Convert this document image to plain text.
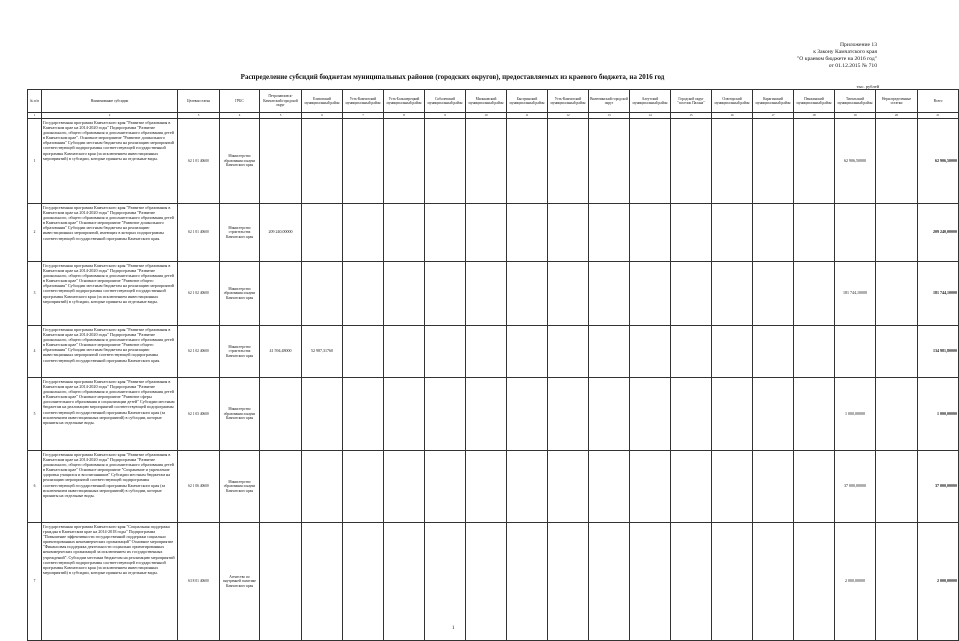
Приложение 13
к Закону Камчатского края
"О краевом бюджете на 2016 год"
от 01.12.2015 № 710
Распределение субсидий бюджетам муниципальных районов (городских округов), предоставляемых из краевого бюджета, на 2016 год
тыс. рублей
№ п/п	Наименование субсидии	Целевая статья	ГРБС	Петропавловск-Камчатский городской округ	Елизовский муниципальный район	Усть-Камчатский муниципальный район	Усть-Большерецкий муниципальный район	Соболевский муниципальный район	Мильковский муниципальный район	Быстринский муниципальный район	Усть-Камчатский муниципальный район	Вилючинский городской округ	Алеутский муниципальный район	Городской округ "поселок Палана"	Олюторский муниципальный район	Карагинский муниципальный район	Пенжинский муниципальный район	Тигильский муниципальный район	Нераспределенные остатки	Всего
1	2	3	4	5	6	7	8	9	10	11	12	13	14	15	16	17	18	19	20	21
1	Государственная программа Камчатского края "Развитие образования в Камчатском крае на 2014-2020 годы" Подпрограмма "Развитие дошкольного, общего образования и дополнительного образования детей в Камчатском крае". Основное мероприятие "Развитие дошкольного образования" Субсидии местным бюджетам на реализацию мероприятий соответствующей подпрограммы соответствующей государственной программы Камчатского края (за исключением инвестиционных мероприятий) в субсидии, которые приняты на отдельные виды.	62 1 01 40600	Министерство образования и науки Камчатского края															62 906,50000		62 906,50000
2	Государственная программа Камчатского края "Развитие образования в Камчатском крае на 2014-2020 годы" Подпрограмма "Развитие дошкольного, общего образования и дополнительного образования детей в Камчатском крае" Основное мероприятие "Развитие дошкольного образования" Субсидии местным бюджетам на реализацию инвестиционных мероприятий, имеющих в которых подпрограммы соответствующей государственной программы Камчатского края.	62 1 01 40600	Министерство строительства Камчатского края	209 240,00000																209 240,00000
3	Государственная программа Камчатского края "Развитие образования в Камчатском крае на 2014-2020 годы" Подпрограмма "Развитие дошкольного, общего образования и дополнительного образования детей в Камчатском крае" Основное мероприятие "Развитие общего образования" Субсидии местным бюджетам на реализацию мероприятий соответствующей подпрограммы соответствующей государственной программы Камчатского края (за исключением инвестиционных мероприятий) в субсидии, которые приняты на отдельные виды.	62 1 02 40600	Министерство образования и науки Камчатского края															181 744,10000		181 744,10000
4	Государственная программа Камчатского края "Развитие образования в Камчатском крае на 2014-2020 годы" Подпрограмма "Развитие дошкольного, общего образования и дополнительного образования детей в Камчатском крае" Основное мероприятие "Развитие общего образования" Субсидии местным бюджетам на реализацию инвестиционных мероприятий соответствующей подпрограммы соответствующей государственной программы Камчатского края.	62 1 02 40600	Министерство строительства Камчатского края	41 594,48000	52 987,31760															134 981,80000
5	Государственная программа Камчатского края "Развитие образования в Камчатском крае на 2014-2020 годы" Подпрограмма "Развитие дошкольного, общего образования и дополнительного образования детей в Камчатском крае" Основное мероприятие "Развитие сферы дополнительного образования и социализации детей" Субсидии местным бюджетам на реализацию мероприятий соответствующей подпрограммы соответствующей государственной программы Камчатского края (за исключением инвестиционных мероприятий) в субсидии, которые приняты на отдельные виды.	62 1 03 40600	Министерство образования и науки Камчатского края															1 000,00000		1 000,00000
6	Государственная программа Камчатского края "Развитие образования в Камчатском крае на 2014-2020 годы" Подпрограмма "Развитие дошкольного, общего образования и дополнительного образования детей в Камчатском крае" Основное мероприятие "Сохранение и укрепление здоровья учащихся и воспитанников" Субсидии местным бюджетам на реализацию мероприятий соответствующей подпрограммы соответствующей государственной программы Камчатского края (за исключением инвестиционных мероприятий) в субсидии, которые приняты на отдельные виды.	62 1 06 40600	Министерство образования и науки Камчатского края															37 000,00000		37 000,00000
7	Государственная программа Камчатского края "Социальная поддержка граждан в Камчатском крае на 2014-2018 годы" Подпрограмма "Повышение эффективности государственной поддержки социально ориентированных некоммерческих организаций" Основное мероприятие "Финансовая поддержка деятельности социально ориентированных некоммерческих организаций за исключением их государственных учреждений". Субсидии местным бюджетам на реализацию мероприятий соответствующей подпрограммы соответствующей государственной программы Камчатского края (за исключением инвестиционных мероприятий) в субсидии, которые приняты на отдельные виды.	63 8 01 40600	Агентство по внутренней политике Камчатского края															2 000,00000		2 000,00000
1
